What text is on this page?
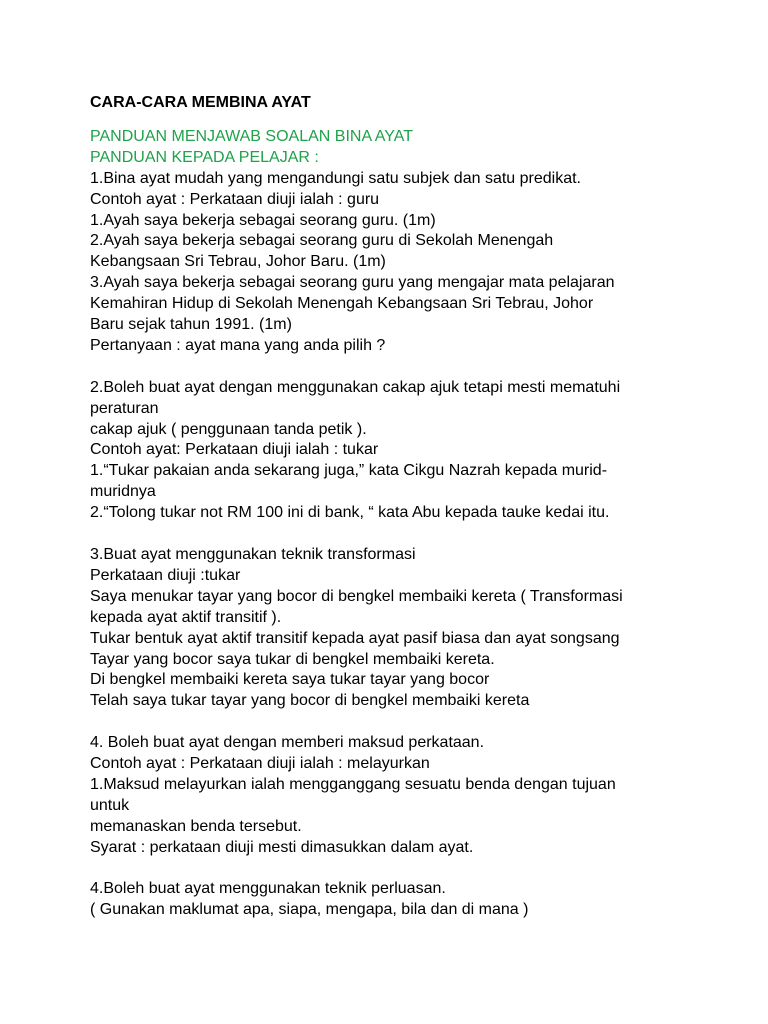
CARA-CARA MEMBINA AYAT
PANDUAN MENJAWAB SOALAN BINA AYAT
PANDUAN KEPADA PELAJAR :
1.Bina ayat mudah yang mengandungi satu subjek dan satu predikat.
Contoh ayat : Perkataan diuji ialah : guru
1.Ayah saya bekerja sebagai seorang guru. (1m)
2.Ayah saya bekerja sebagai seorang guru di Sekolah Menengah
Kebangsaan Sri Tebrau, Johor Baru. (1m)
3.Ayah saya bekerja sebagai seorang guru yang mengajar mata pelajaran
Kemahiran Hidup di Sekolah Menengah Kebangsaan Sri Tebrau, Johor
Baru sejak tahun 1991. (1m)
Pertanyaan : ayat mana yang anda pilih ?
2.Boleh buat ayat dengan menggunakan cakap ajuk tetapi mesti mematuhi
peraturan
cakap ajuk ( penggunaan tanda petik ).
Contoh ayat: Perkataan diuji ialah : tukar
1.“Tukar pakaian anda sekarang juga,” kata Cikgu Nazrah kepada murid-
muridnya
2.“Tolong tukar not RM 100 ini di bank, “ kata Abu kepada tauke kedai itu.
3.Buat ayat menggunakan teknik transformasi
Perkataan diuji :tukar
Saya menukar tayar yang bocor di bengkel membaiki kereta ( Transformasi
kepada ayat aktif transitif ).
Tukar bentuk ayat aktif transitif kepada ayat pasif biasa dan ayat songsang
Tayar yang bocor saya tukar di bengkel membaiki kereta.
Di bengkel membaiki kereta saya tukar tayar yang bocor
Telah saya tukar tayar yang bocor di bengkel membaiki kereta
4. Boleh buat ayat dengan memberi maksud perkataan.
Contoh ayat : Perkataan diuji ialah : melayurkan
1.Maksud melayurkan ialah mengganggang sesuatu benda dengan tujuan
untuk
memanaskan benda tersebut.
Syarat : perkataan diuji mesti dimasukkan dalam ayat.
4.Boleh buat ayat menggunakan teknik perluasan.
( Gunakan maklumat apa, siapa, mengapa, bila dan di mana )
